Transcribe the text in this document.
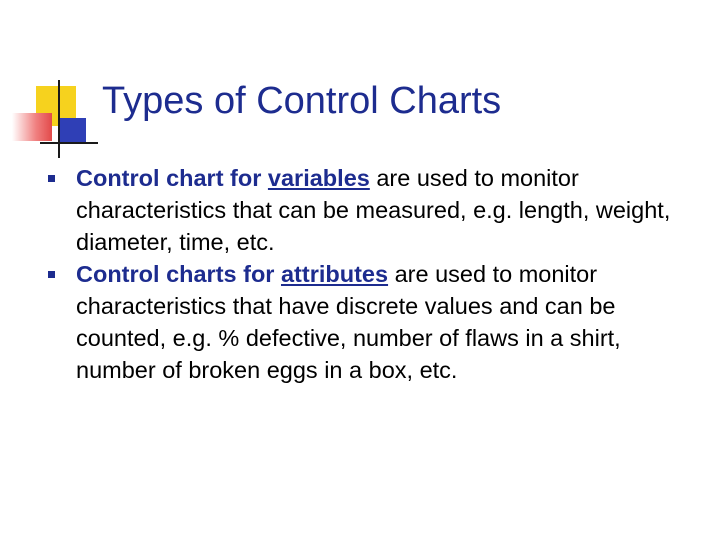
Types of Control Charts
Control chart for variables are used to monitor characteristics that can be measured, e.g. length, weight, diameter, time, etc.
Control charts for attributes are used to monitor characteristics that have discrete values and can be counted, e.g. % defective, number of flaws in a shirt, number of broken eggs in a box, etc.
